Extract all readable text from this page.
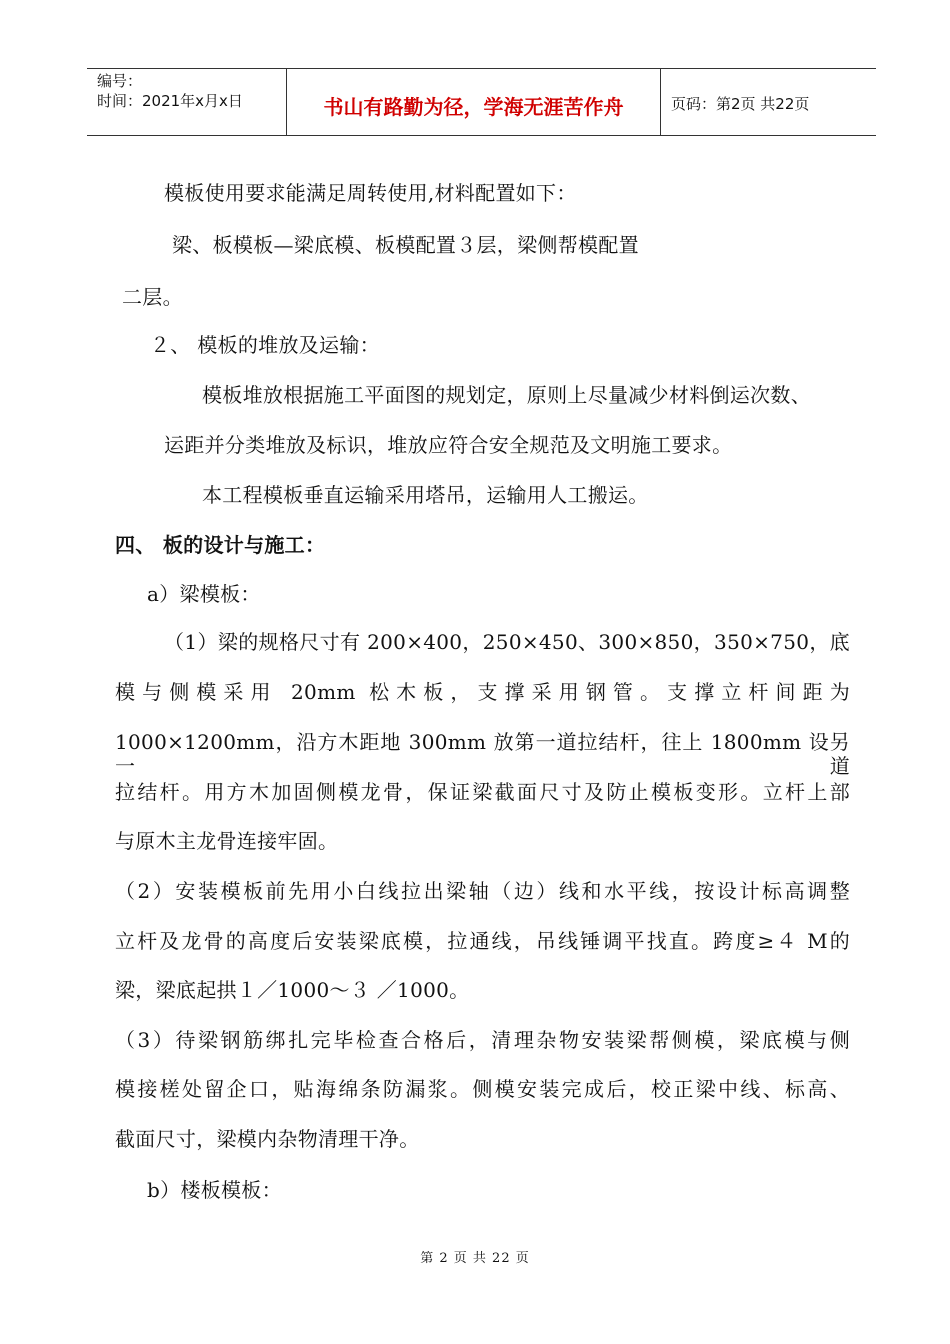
编号：
时间：2021年x月x日	书山有路勤为径，学海无涯苦作舟	页码：第2页 共22页
模板使用要求能满足周转使用,材料配置如下：
梁、板模板—梁底模、板模配置３层，梁侧帮模配置
二层。
２、 模板的堆放及运输：
模板堆放根据施工平面图的规划定，原则上尽量减少材料倒运次数、
运距并分类堆放及标识，堆放应符合安全规范及文明施工要求。
本工程模板垂直运输采用塔吊，运输用人工搬运。
四、 板的设计与施工：
a）梁模板：
（1）梁的规格尺寸有 200×400，250×450、300×850，350×750，底
模与侧模采用 20mm 松木板，支撑采用钢管。支撑立杆间距为
1000×1200mm，沿方木距地 300mm 放第一道拉结杆，往上 1800mm 设另一道
拉结杆。用方木加固侧模龙骨，保证梁截面尺寸及防止模板变形。立杆上部
与原木主龙骨连接牢固。
（2）安装模板前先用小白线拉出梁轴（边）线和水平线，按设计标高调整
立杆及龙骨的高度后安装梁底模，拉通线，吊线锤调平找直。跨度≥４ M的
梁，梁底起拱１／1000～３ ／1000。
（3）待梁钢筋绑扎完毕检查合格后，清理杂物安装梁帮侧模，梁底模与侧
模接槎处留企口，贴海绵条防漏浆。侧模安装完成后，校正梁中线、标高、
截面尺寸，梁模内杂物清理干净。
b）楼板模板：
第 2 页 共 22 页
